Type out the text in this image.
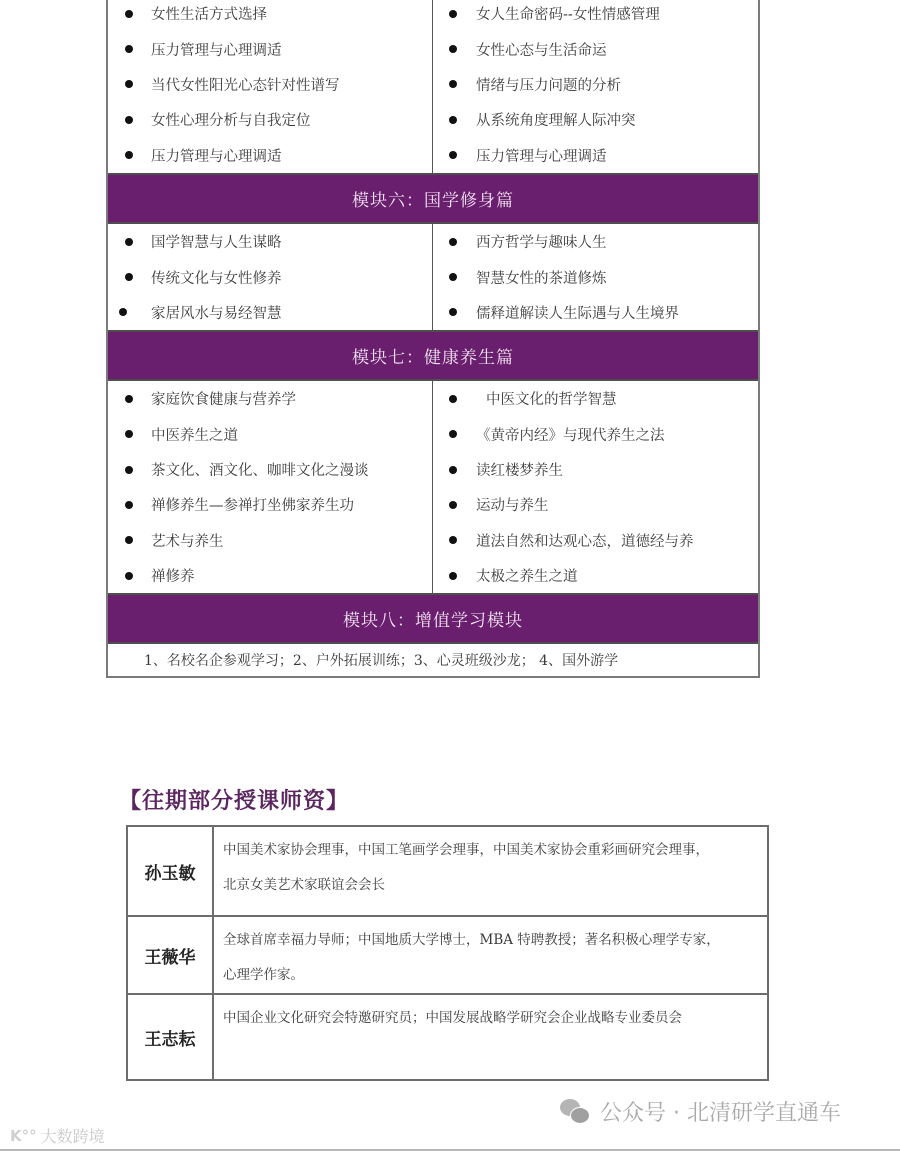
女性生活方式选择
压力管理与心理调适
当代女性阳光心态针对性谱写
女性心理分析与自我定位
压力管理与心理调适
女人生命密码--女性情感管理
女性心态与生活命运
情绪与压力问题的分析
从系统角度理解人际冲突
压力管理与心理调适
模块六：国学修身篇
国学智慧与人生谋略
传统文化与女性修养
家居风水与易经智慧
西方哲学与趣味人生
智慧女性的茶道修炼
儒释道解读人生际遇与人生境界
模块七：健康养生篇
家庭饮食健康与营养学
中医养生之道
茶文化、酒文化、咖啡文化之漫谈
禅修养生—参禅打坐佛家养生功
艺术与养生
禅修养
中医文化的哲学智慧
《黄帝内经》与现代养生之法
读红楼梦养生
运动与养生
道法自然和达观心态，道德经与养
太极之养生之道
模块八：增值学习模块
1、名校名企参观学习；2、户外拓展训练；3、心灵班级沙龙； 4、国外游学
【往期部分授课师资】
孙玉敏	中国美术家协会理事，中国工笔画学会理事，中国美术家协会重彩画研究会理事，
北京女美艺术家联谊会会长

王薇华	全球首席幸福力导师；中国地质大学博士，MBA 特聘教授；著名积极心理学专家，
心理学作家。

王志耘	中国企业文化研究会特邀研究员；中国发展战略学研究会企业战略专业委员会
K°° 大数跨境
公众号 · 北清研学直通车
